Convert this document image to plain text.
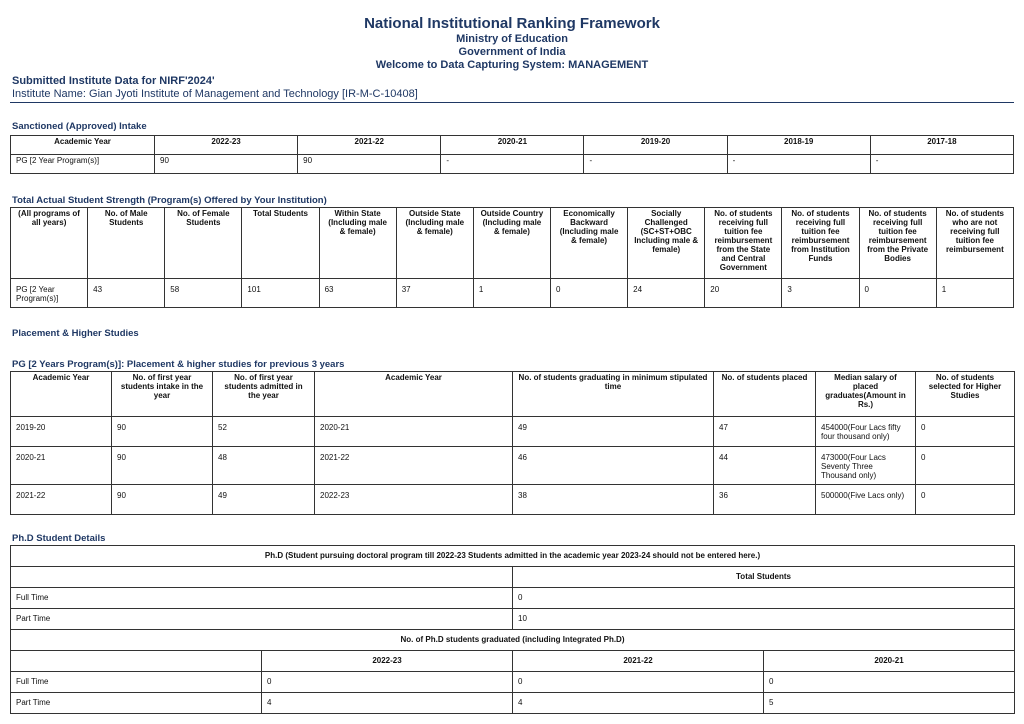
National Institutional Ranking Framework
Ministry of Education
Government of India
Welcome to Data Capturing System: MANAGEMENT
Submitted Institute Data for NIRF'2024'
Institute Name: Gian Jyoti Institute of Management and Technology [IR-M-C-10408]
Sanctioned (Approved) Intake
Academic Year	2022-23	2021-22	2020-21	2019-20	2018-19	2017-18
PG [2 Year Program(s)]	90	90	-	-	-	-
Total Actual Student Strength (Program(s) Offered by Your Institution)
(All programs of all years)	No. of Male Students	No. of Female Students	Total Students	Within State (Including male & female)	Outside State (Including male & female)	Outside Country (Including male & female)	Economically Backward (Including male & female)	Socially Challenged (SC+ST+OBC Including male & female)	No. of students receiving full tuition fee reimbursement from the State and Central Government	No. of students receiving full tuition fee reimbursement from Institution Funds	No. of students receiving full tuition fee reimbursement from the Private Bodies	No. of students who are not receiving full tuition fee reimbursement
PG [2 Year Program(s)]	43	58	101	63	37	1	0	24	20	3	0	1
Placement & Higher Studies
PG [2 Years Program(s)]: Placement & higher studies for previous 3 years
Academic Year	No. of first year students intake in the year	No. of first year students admitted in the year	Academic Year	No. of students graduating in minimum stipulated time	No. of students placed	Median salary of placed graduates(Amount in Rs.)	No. of students selected for Higher Studies
2019-20	90	52	2020-21	49	47	454000(Four Lacs fifty four thousand only)	0
2020-21	90	48	2021-22	46	44	473000(Four Lacs Seventy Three Thousand only)	0
2021-22	90	49	2022-23	38	36	500000(Five Lacs only)	0
Ph.D Student Details
Ph.D (Student pursuing doctoral program till 2022-23 Students admitted in the academic year 2023-24 should not be entered here.)	
	Total Students
Full Time	0
Part Time	10
No. of Ph.D students graduated (including Integrated Ph.D)	
	2022-23	2021-22	2020-21
Full Time	0	0	0
Part Time	4	4	5
